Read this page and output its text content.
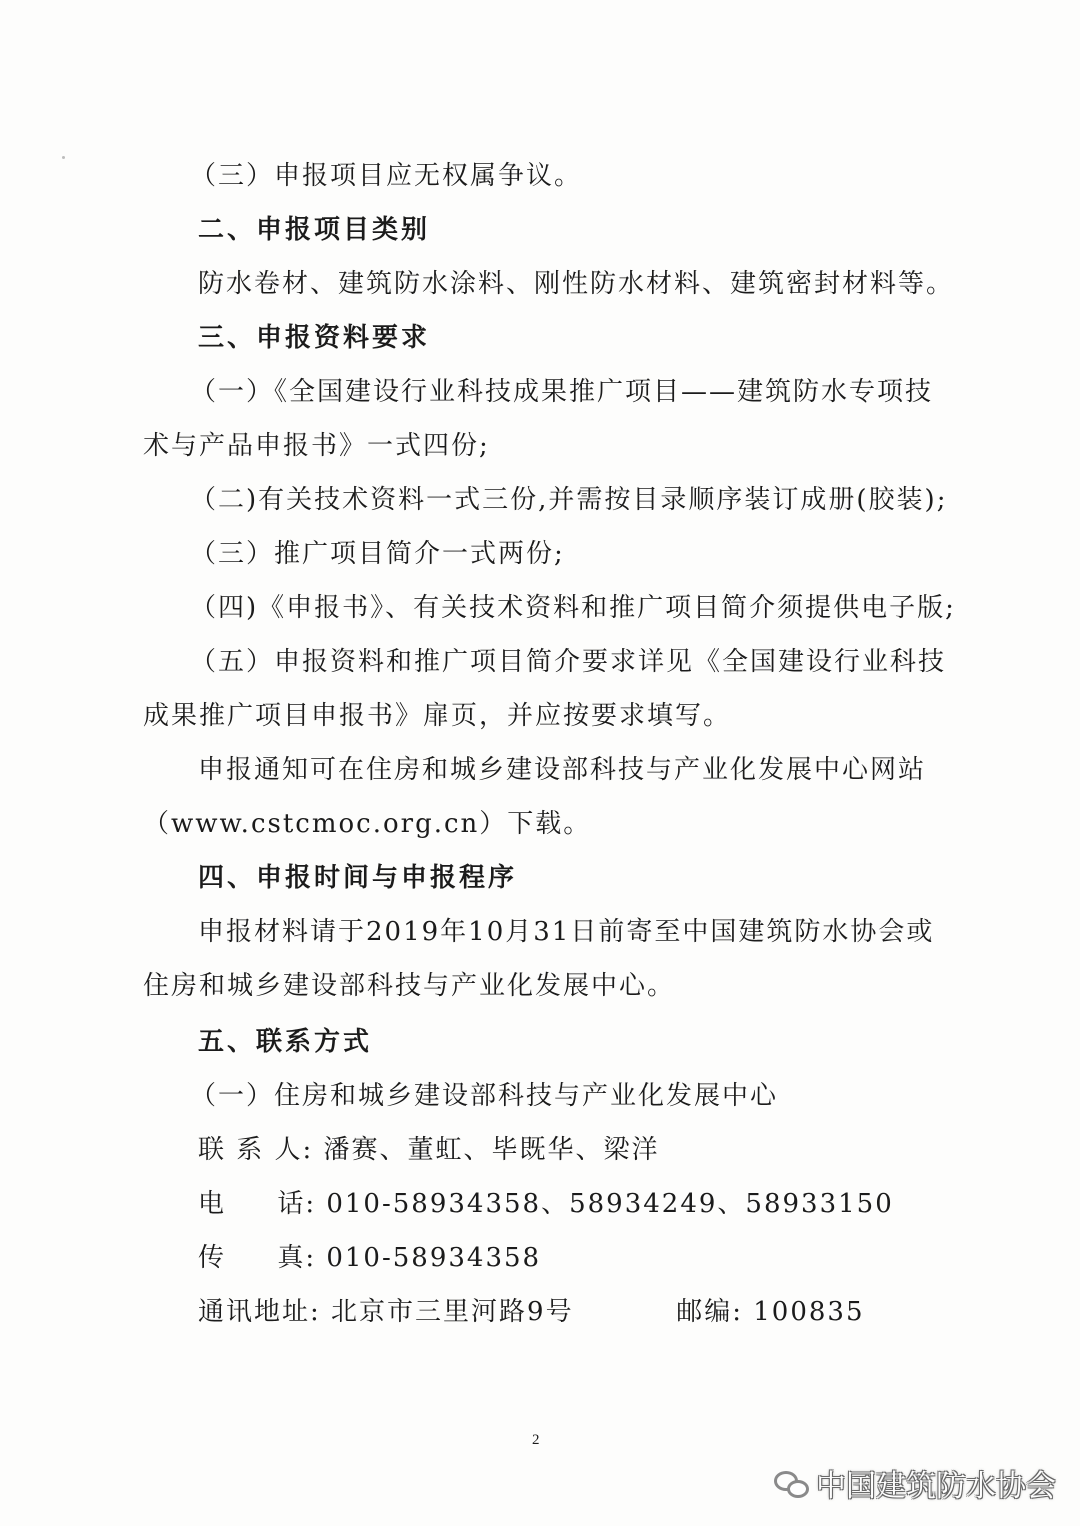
（三）申报项目应无权属争议。
二、申报项目类别
防水卷材、建筑防水涂料、刚性防水材料、建筑密封材料等。
三、申报资料要求
（一）《全国建设行业科技成果推广项目——建筑防水专项技
术与产品申报书》一式四份;
（二)有关技术资料一式三份,并需按目录顺序装订成册(胶装);
（三）推广项目简介一式两份;
（四)《申报书》、有关技术资料和推广项目简介须提供电子版;
（五）申报资料和推广项目简介要求详见《全国建设行业科技
成果推广项目申报书》扉页，并应按要求填写。
申报通知可在住房和城乡建设部科技与产业化发展中心网站
（www.cstcmoc.org.cn）下载。
四、申报时间与申报程序
申报材料请于2019年10月31日前寄至中国建筑防水协会或
住房和城乡建设部科技与产业化发展中心。
五、联系方式
（一）住房和城乡建设部科技与产业化发展中心
联 系 人: 潘赛、董虹、毕既华、梁洋
电     话: 010-58934358、58934249、58933150
传     真: 010-58934358
通讯地址: 北京市三里河路9号          邮编: 100835
2
中国建筑防水协会
